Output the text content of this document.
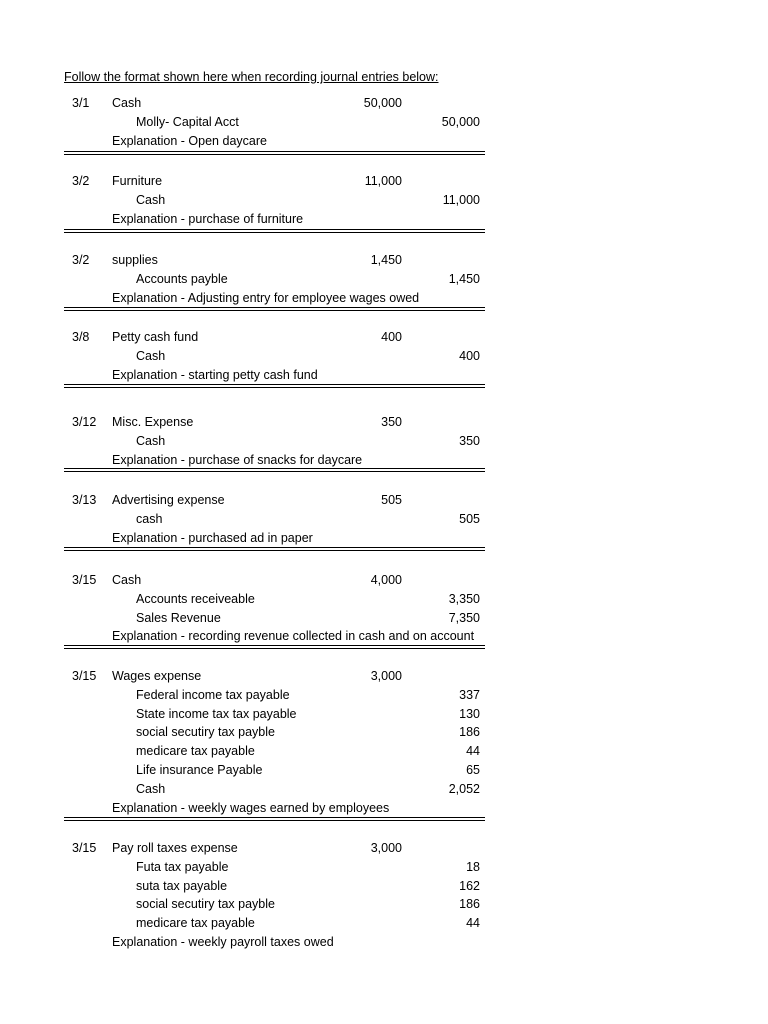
Follow the format shown here when recording journal entries below:
3/1 Cash	50,000
Molly- Capital Acct	50,000
Explanation - Open daycare
3/2 Furniture	11,000
Cash	11,000
Explanation - purchase of furniture
3/2 supplies	1,450
Accounts payble	1,450
Explanation - Adjusting entry for employee wages owed
3/8 Petty cash fund	400
Cash	400
Explanation - starting petty cash fund
3/12 Misc. Expense	350
Cash	350
Explanation - purchase of snacks for daycare
3/13 Advertising expense	505
cash	505
Explanation - purchased ad in paper
3/15 Cash	4,000
Accounts receiveable	3,350
Sales Revenue	7,350
Explanation - recording revenue collected in cash and on account
3/15 Wages expense	3,000
Federal income tax payable	337
State income tax tax payable	130
social secutiry tax payble	186
medicare tax payable	44
Life insurance Payable	65
Cash	2,052
Explanation - weekly wages earned by employees
3/15 Pay roll taxes expense	3,000
Futa tax payable	18
suta tax payable	162
social secutiry tax payble	186
medicare tax payable	44
Explanation - weekly payroll taxes owed
